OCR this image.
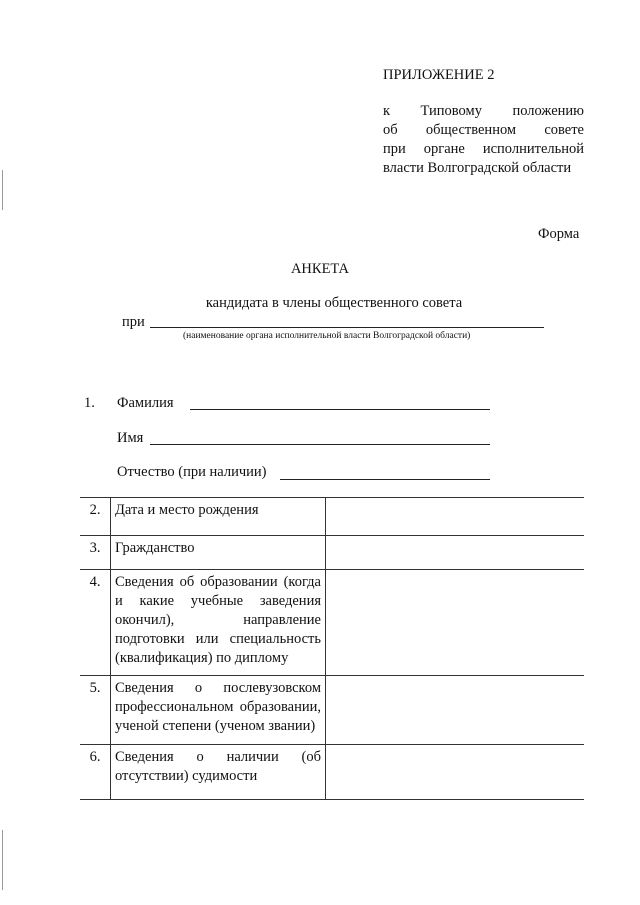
ПРИЛОЖЕНИЕ 2
к Типовому положению
об общественном совете
при органе исполнительной
власти Волгоградской области
Форма
АНКЕТА
кандидата в члены общественного совета
при
(наименование органа исполнительной власти Волгоградской области)
1. Фамилия
Имя
Отчество (при наличии)
2.	Дата и место рождения	
3.	Гражданство	
4.	Сведения об образовании (когда и какие учебные заведения окончил), направление подготовки или специальность (квалификация) по диплому	
5.	Сведения о послевузовском профессиональном образовании, ученой степени (ученом звании)	
6.	Сведения о наличии (об отсутствии) судимости	
